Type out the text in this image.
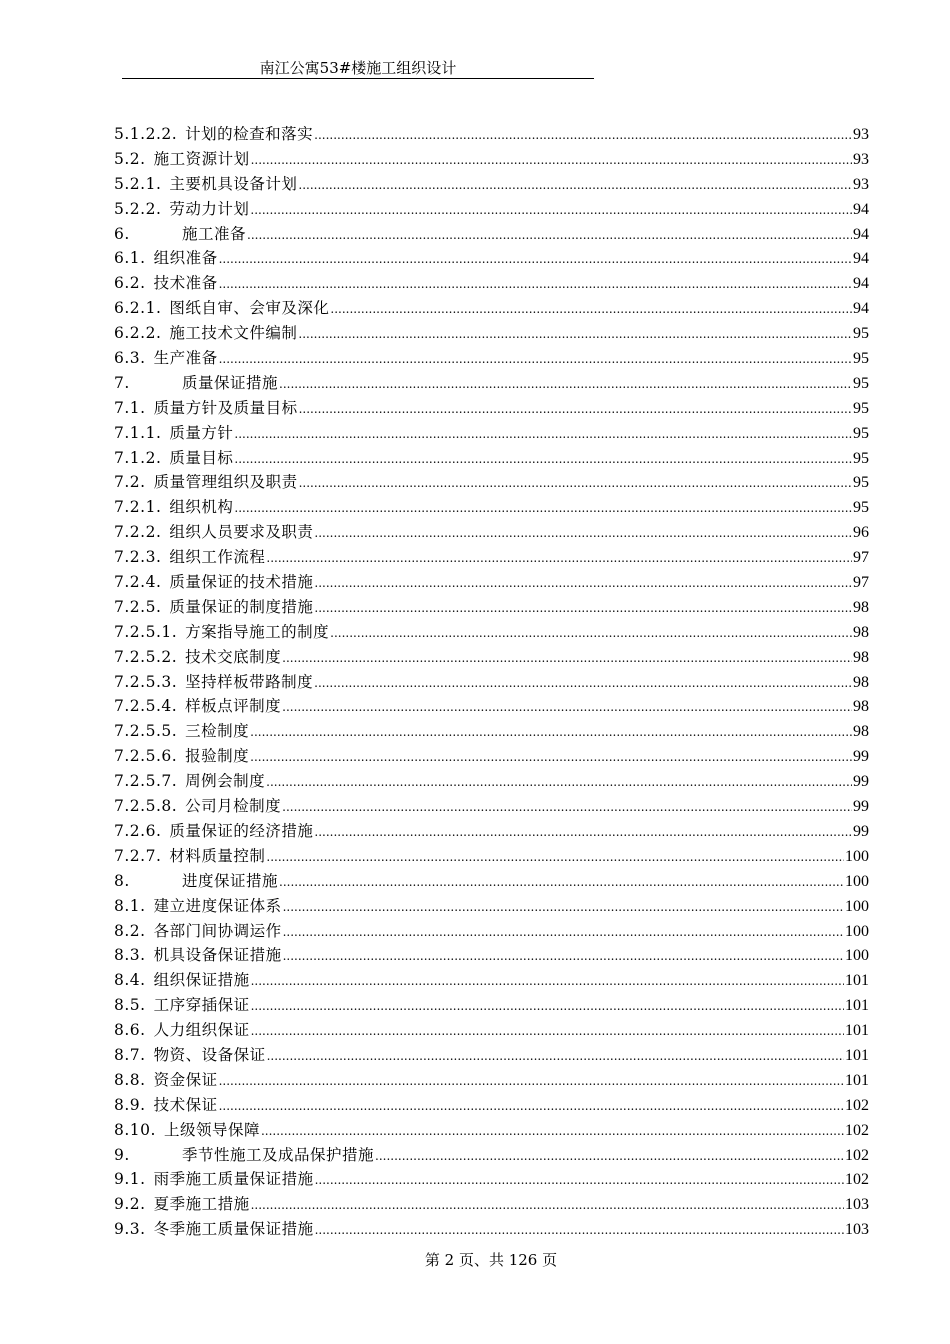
南江公寓53#楼施工组织设计
5.1.2.2. 计划的检查和落实 .....	93
5.2. 施工资源计划 .....	93
5.2.1. 主要机具设备计划 .....	93
5.2.2. 劳动力计划 .....	94
6.	施工准备 .....	94
6.1. 组织准备 .....	94
6.2. 技术准备 .....	94
6.2.1. 图纸自审、会审及深化 .....	94
6.2.2. 施工技术文件编制 .....	95
6.3. 生产准备 .....	95
7.	质量保证措施 .....	95
7.1. 质量方针及质量目标 .....	95
7.1.1. 质量方针 .....	95
7.1.2. 质量目标 .....	95
7.2. 质量管理组织及职责 .....	95
7.2.1. 组织机构 .....	95
7.2.2. 组织人员要求及职责 .....	96
7.2.3. 组织工作流程 .....	97
7.2.4. 质量保证的技术措施 .....	97
7.2.5. 质量保证的制度措施 .....	98
7.2.5.1. 方案指导施工的制度 .....	98
7.2.5.2. 技术交底制度 .....	98
7.2.5.3. 坚持样板带路制度 .....	98
7.2.5.4. 样板点评制度 .....	98
7.2.5.5. 三检制度 .....	98
7.2.5.6. 报验制度 .....	99
7.2.5.7. 周例会制度 .....	99
7.2.5.8. 公司月检制度 .....	99
7.2.6. 质量保证的经济措施 .....	99
7.2.7. 材料质量控制 .....	100
8.	进度保证措施 .....	100
8.1. 建立进度保证体系 .....	100
8.2. 各部门间协调运作 .....	100
8.3. 机具设备保证措施 .....	100
8.4. 组织保证措施 .....	101
8.5. 工序穿插保证 .....	101
8.6. 人力组织保证 .....	101
8.7. 物资、设备保证 .....	101
8.8. 资金保证 .....	101
8.9. 技术保证 .....	102
8.10. 上级领导保障 .....	102
9.	季节性施工及成品保护措施 .....	102
9.1. 雨季施工质量保证措施 .....	102
9.2. 夏季施工措施 .....	103
9.3. 冬季施工质量保证措施 .....	103
第 2 页、共 126 页
